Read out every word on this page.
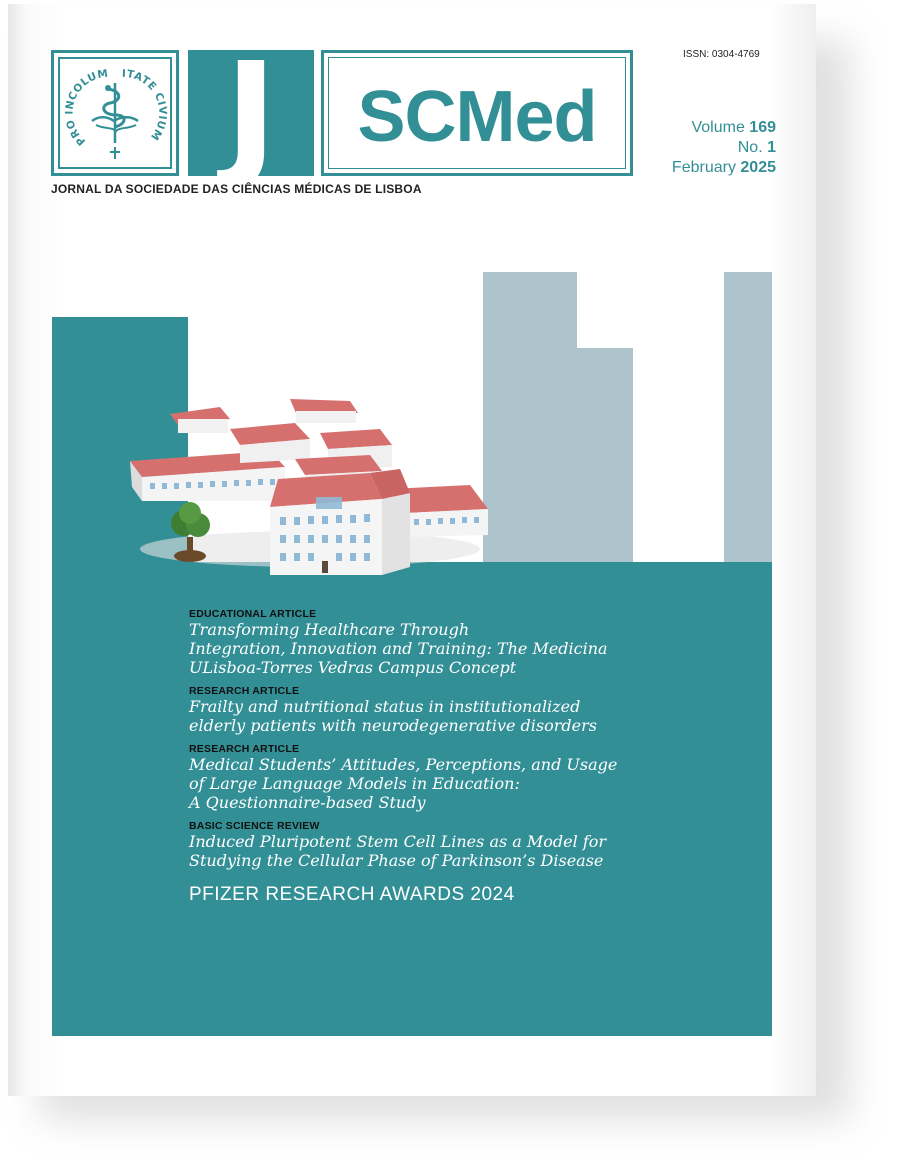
ISSN: 0304-4769
PRO INCOLUM ITATE CIVIUM J	SCMed	Volume 169
No. 1
February 2025
JORNAL DA SOCIEDADE DAS CIÊNCIAS MÉDICAS DE LISBOA

EDUCATIONAL ARTICLE

Transforming Healthcare Through
Integration, Innovation and Training: The Medicina
ULisboa-Torres Vedras Campus Concept

RESEARCH ARTICLE

Frailty and nutritional status in institutionalized
elderly patients with neurodegenerative disorders

RESEARCH ARTICLE

Medical Students’ Attitudes, Perceptions, and Usage
of Large Language Models in Education:
A Questionnaire-based Study

BASIC SCIENCE REVIEW

Induced Pluripotent Stem Cell Lines as a Model for
Studying the Cellular Phase of Parkinson’s Disease

PFIZER RESEARCH AWARDS 2024
